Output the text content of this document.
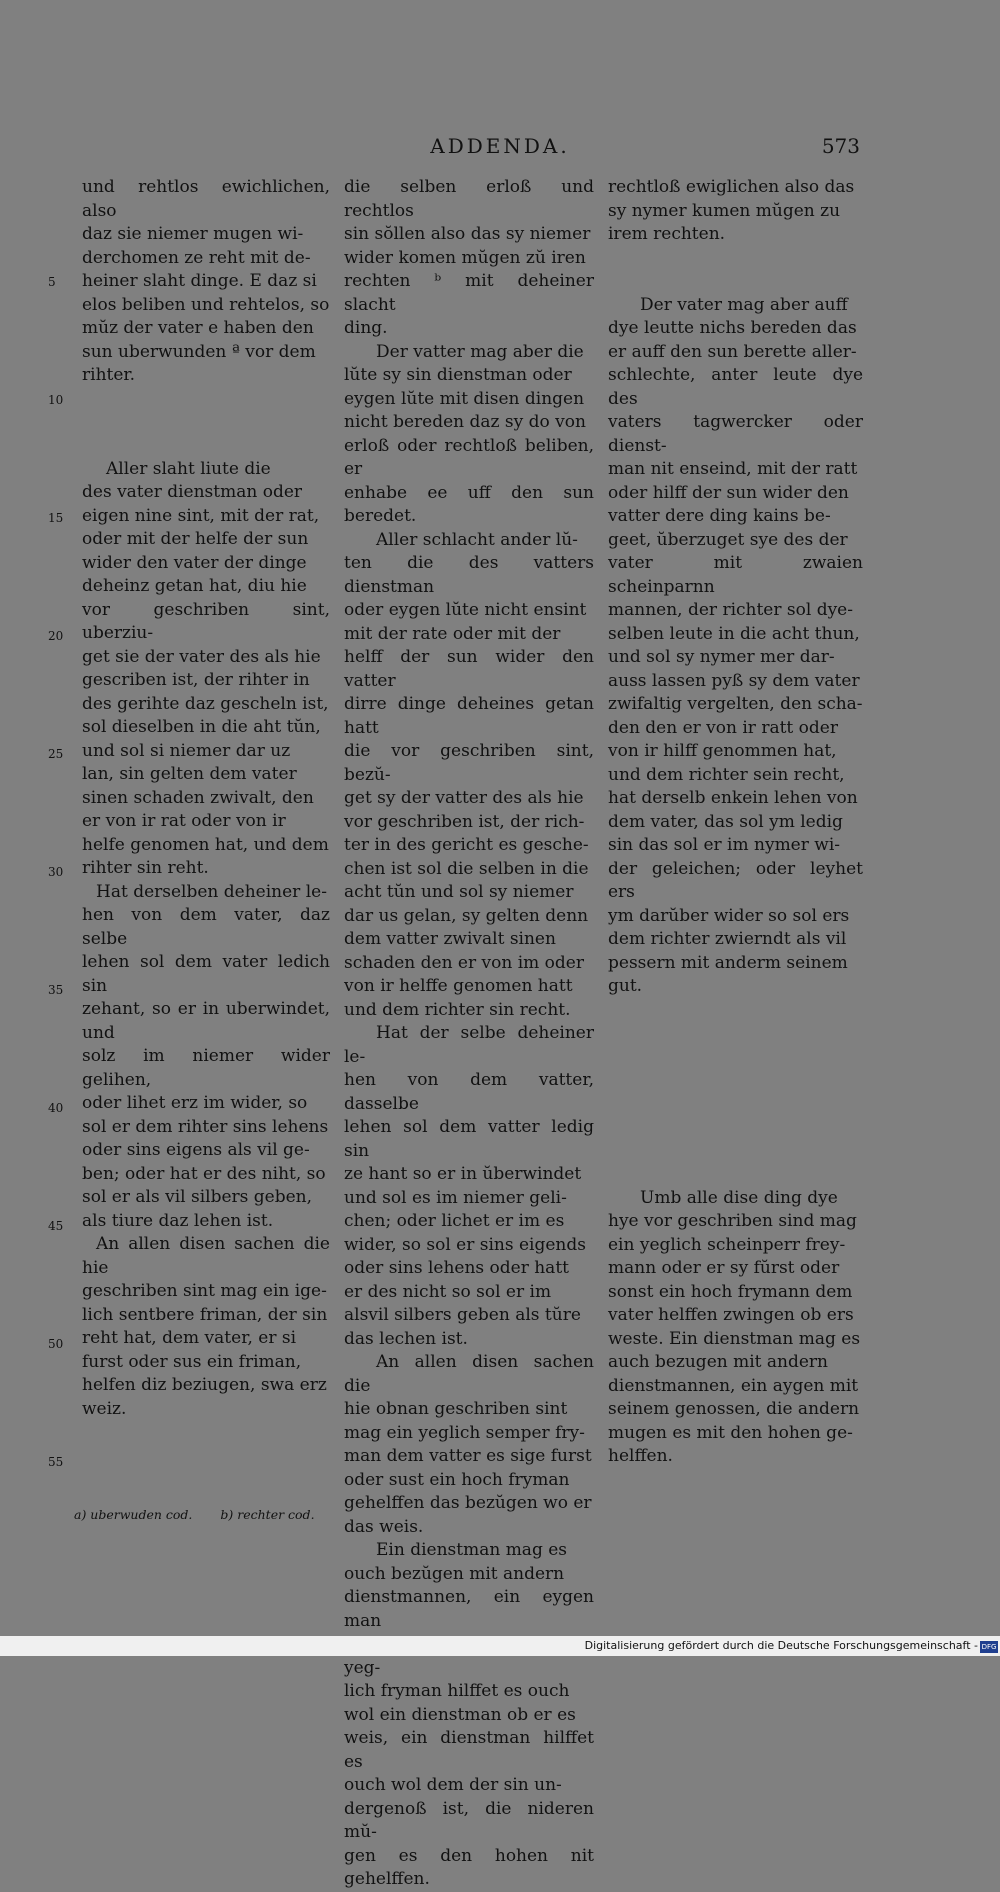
ADDENDA.	573
5
10
15
20
25
30
35
40
45
50
55

und rehtlos ewichlichen, also
daz sie niemer mugen wi-
derchomen ze reht mit de-
heiner slaht dinge. E daz si
elos beliben und rehtelos, so
mŭz der vater e haben den
sun uberwunden ª vor dem
rihter.

Aller slaht liute die
des vater dienstman oder
eigen nine sint, mit der rat,
oder mit der helfe der sun
wider den vater der dinge
deheinz getan hat, diu hie
vor geschriben sint, uberziu-
get sie der vater des als hie
gescriben ist, der rihter in
des gerihte daz gescheln ist,
sol dieselben in die aht tŭn,
und sol si niemer dar uz
lan, sin gelten dem vater
sinen schaden zwivalt, den
er von ir rat oder von ir
helfe genomen hat, und dem
rihter sin reht.

Hat derselben deheiner le-
hen von dem vater, daz selbe
lehen sol dem vater ledich sin
zehant, so er in uberwindet, und
solz im niemer wider gelihen,
oder lihet erz im wider, so
sol er dem rihter sins lehens
oder sins eigens als vil ge-
ben; oder hat er des niht, so
sol er als vil silbers geben,
als tiure daz lehen ist.

An allen disen sachen die hie
geschriben sint mag ein ige-
lich sentbere friman, der sin
reht hat, dem vater, er si
furst oder sus ein friman,
helfen diz beziugen, swa erz
weiz.

die selben erloß und rechtlos
sin sŏllen also das sy niemer
wider komen mŭgen zŭ iren
rechten ᵇ mit deheiner slacht
ding.

Der vatter mag aber die
lŭte sy sin dienstman oder
eygen lŭte mit disen dingen
nicht bereden daz sy do von
erloß oder rechtloß beliben, er
enhabe ee uff den sun beredet.

Aller schlacht ander lŭ-
ten die des vatters dienstman
oder eygen lŭte nicht ensint
mit der rate oder mit der
helff der sun wider den vatter
dirre dinge deheines getan hatt
die vor geschriben sint, bezŭ-
get sy der vatter des als hie
vor geschriben ist, der rich-
ter in des gericht es gesche-
chen ist sol die selben in die
acht tŭn und sol sy niemer
dar us gelan, sy gelten denn
dem vatter zwivalt sinen
schaden den er von im oder
von ir helffe genomen hatt
und dem richter sin recht.

Hat der selbe deheiner le-
hen von dem vatter, dasselbe
lehen sol dem vatter ledig sin
ze hant so er in ŭberwindet
und sol es im niemer geli-
chen; oder lichet er im es
wider, so sol er sins eigends
oder sins lehens oder hatt
er des nicht so sol er im
alsvil silbers geben als tŭre
das lechen ist.

An allen disen sachen die
hie obnan geschriben sint
mag ein yeglich semper fry-
man dem vatter es sige furst
oder sust ein hoch fryman
gehelffen das bezŭgen wo er
das weis.

Ein dienstman mag es
ouch bezŭgen mit andern
dienstmannen, ein eygen man
yeg-
lich fryman hilffet es ouch
wol ein dienstman ob er es
weis, ein dienstman hilffet es
ouch wol dem der sin un-
dergenoß ist, die nideren mŭ-
gen es den hohen nit gehelffen.

rechtloß ewiglichen also das
sy nymer kumen mŭgen zu
irem rechten.

Der vater mag aber auff
dye leutte nichs bereden das
er auff den sun berette aller-
schlechte, anter leute dye des
vaters tagwercker oder dienst-
man nit enseind, mit der ratt
oder hilff der sun wider den
vatter dere ding kains be-
geet, ŭberzuget sye des der
vater mit zwaien scheinparnn
mannen, der richter sol dye-
selben leute in die acht thun,
und sol sy nymer mer dar-
auss lassen pyß sy dem vater
zwifaltig vergelten, den scha-
den den er von ir ratt oder
von ir hilff genommen hat,
und dem richter sein recht,
hat derselb enkein lehen von
dem vater, das sol ym ledig
sin das sol er im nymer wi-
der geleichen; oder leyhet ers
ym darŭber wider so sol ers
dem richter zwierndt als vil
pessern mit anderm seinem
gut.

Umb alle dise ding dye
hye vor geschriben sind mag
ein yeglich scheinperr frey-
mann oder er sy fŭrst oder
sonst ein hoch frymann dem
vater helffen zwingen ob ers
weste. Ein dienstman mag es
auch bezugen mit andern
dienstmannen, ein aygen mit
seinem genossen, die andern
mugen es mit den hohen ge-
helffen.

a) uberwuden cod. b) rechter cod.
Digitalisierung gefördert durch die Deutsche Forschungsgemeinschaft - DFG
